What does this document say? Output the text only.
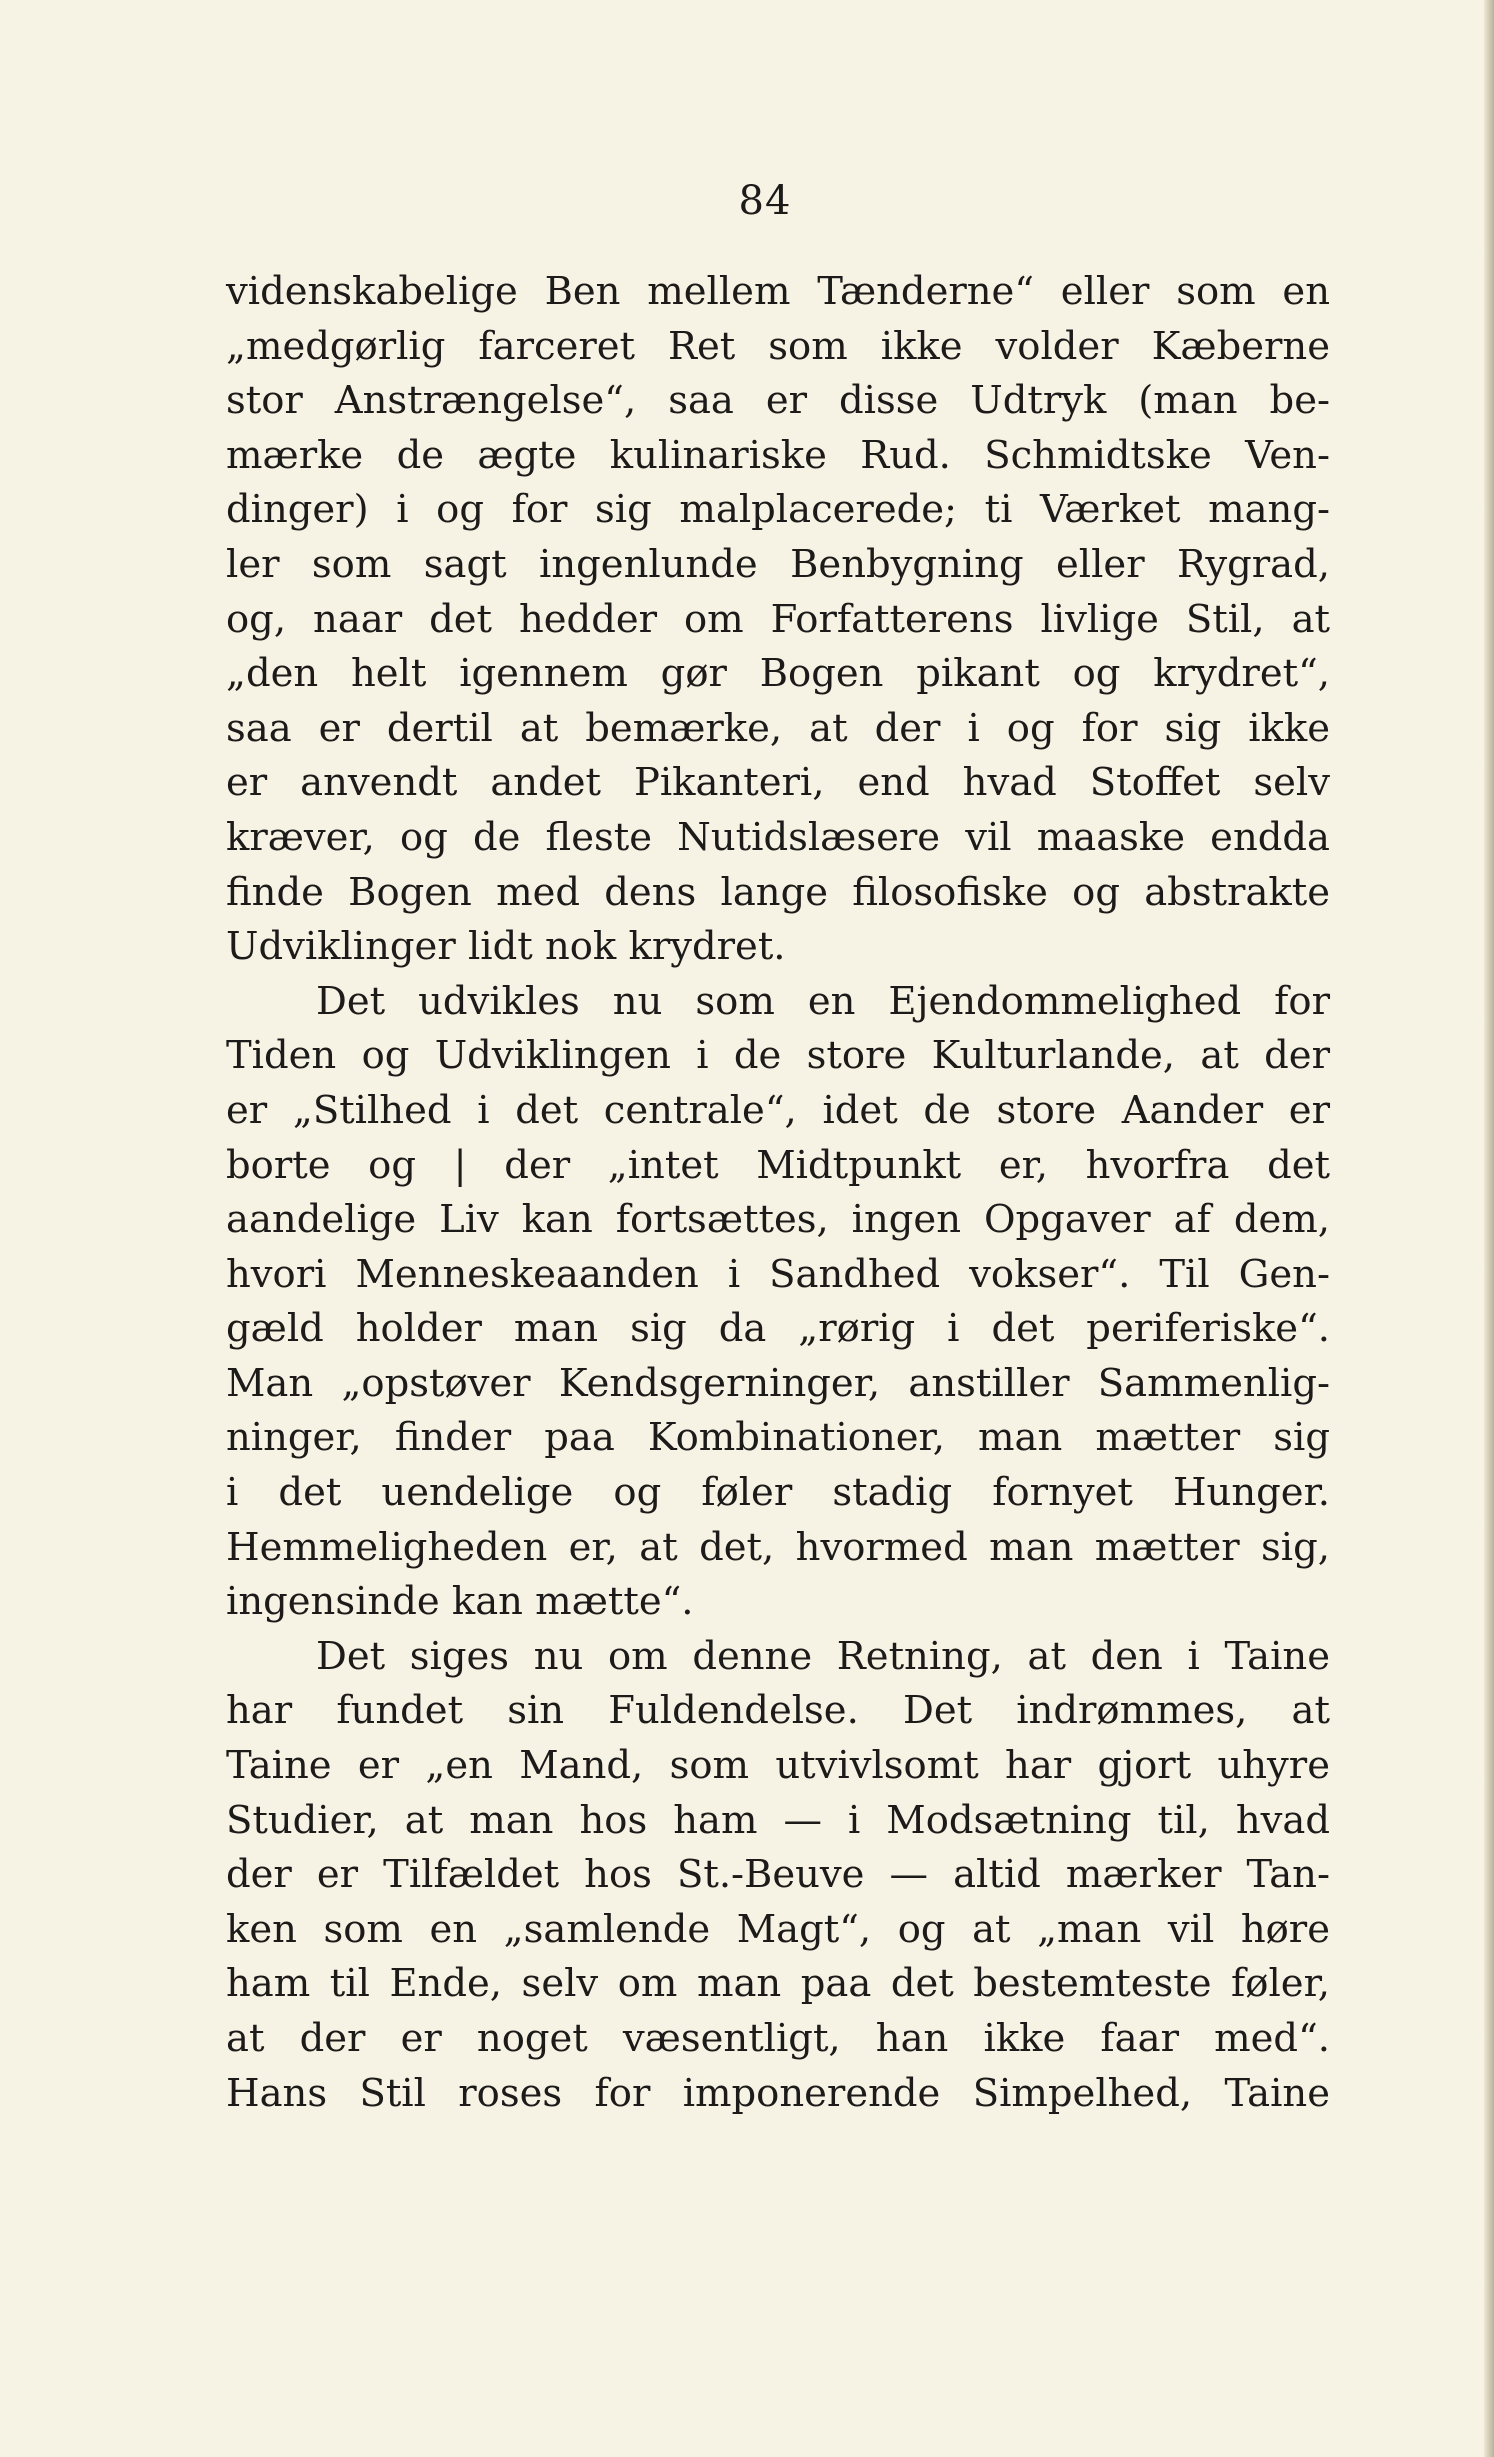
84
videnskabelige Ben mellem Tænderne“ eller som en
„medgørlig farceret Ret som ikke volder Kæberne
stor Anstrængelse“, saa er disse Udtryk (man be-
mærke de ægte kulinariske Rud. Schmidtske Ven-
dinger) i og for sig malplacerede; ti Værket mang-
ler som sagt ingenlunde Benbygning eller Rygrad,
og, naar det hedder om Forfatterens livlige Stil, at
„den helt igennem gør Bogen pikant og krydret“,
saa er dertil at bemærke, at der i og for sig ikke
er anvendt andet Pikanteri, end hvad Stoffet selv
kræver, og de fleste Nutidslæsere vil maaske endda
finde Bogen med dens lange filosofiske og abstrakte
Udviklinger lidt nok krydret.
Det udvikles nu som en Ejendommelighed for
Tiden og Udviklingen i de store Kulturlande, at der
er „Stilhed i det centrale“, idet de store Aander er
borte og | der „intet Midtpunkt er, hvorfra det
aandelige Liv kan fortsættes, ingen Opgaver af dem,
hvori Menneskeaanden i Sandhed vokser“. Til Gen-
gæld holder man sig da „rørig i det periferiske“.
Man „opstøver Kendsgerninger, anstiller Sammenlig-
ninger, finder paa Kombinationer, man mætter sig
i det uendelige og føler stadig fornyet Hunger.
Hemmeligheden er, at det, hvormed man mætter sig,
ingensinde kan mætte“.
Det siges nu om denne Retning, at den i Taine
har fundet sin Fuldendelse. Det indrømmes, at
Taine er „en Mand, som utvivlsomt har gjort uhyre
Studier, at man hos ham — i Modsætning til, hvad
der er Tilfældet hos St.-Beuve — altid mærker Tan-
ken som en „samlende Magt“, og at „man vil høre
ham til Ende, selv om man paa det bestemteste føler,
at der er noget væsentligt, han ikke faar med“.
Hans Stil roses for imponerende Simpelhed, Taine
